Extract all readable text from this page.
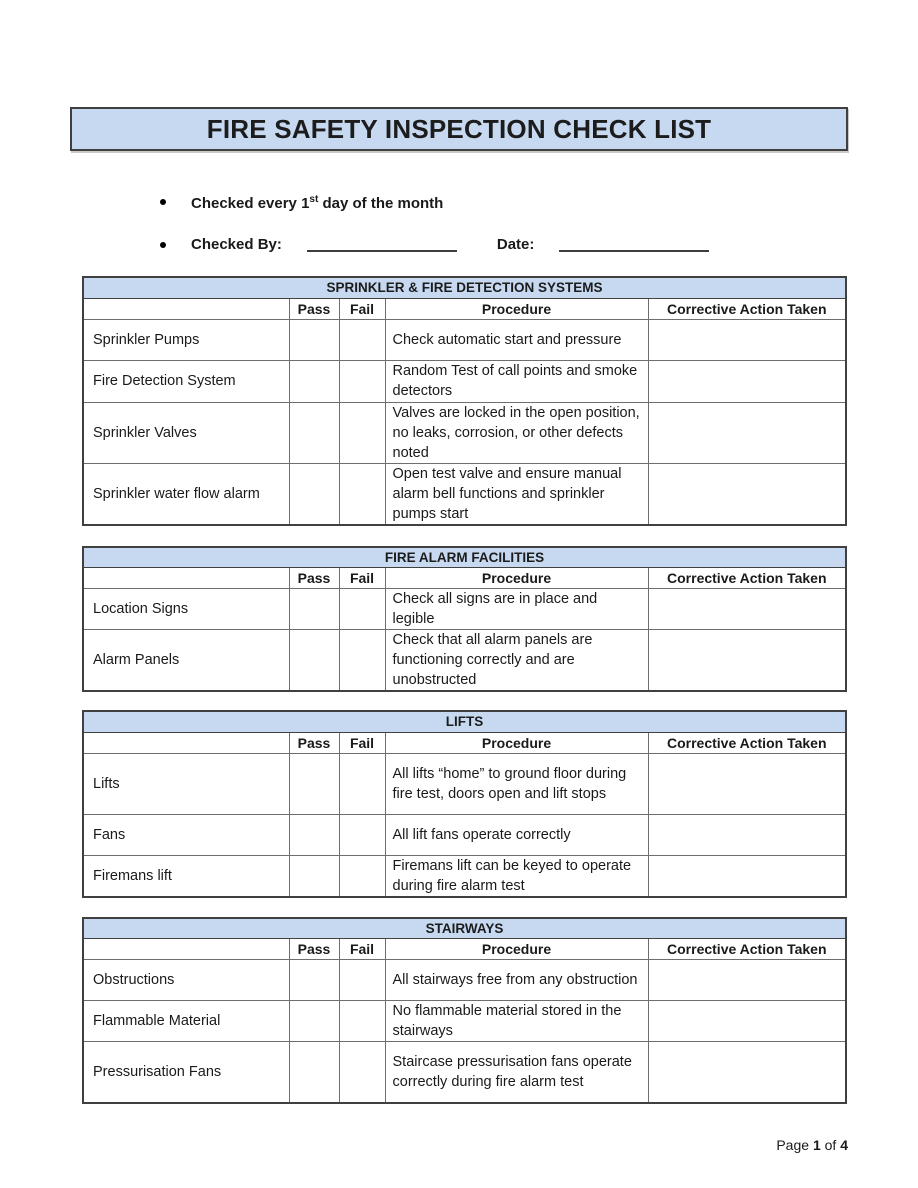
FIRE SAFETY INSPECTION CHECK LIST
Checked every 1st day of the month
Checked By:	Date:
SPRINKLER & FIRE DETECTION SYSTEMS				
	Pass	Fail	Procedure	Corrective Action Taken
Sprinkler Pumps			Check automatic start and pressure	
Fire Detection System			Random Test of call points and smoke detectors	
Sprinkler Valves			Valves are locked in the open position, no leaks, corrosion, or other defects noted	
Sprinkler water flow alarm			Open test valve and ensure manual alarm bell functions and sprinkler pumps start	
FIRE ALARM FACILITIES				
	Pass	Fail	Procedure	Corrective Action Taken
Location Signs			Check all signs are in place and legible	
Alarm Panels			Check that all alarm panels are functioning correctly and are unobstructed	
LIFTS				
	Pass	Fail	Procedure	Corrective Action Taken
Lifts			All lifts “home” to ground floor during fire test, doors open and lift stops	
Fans			All lift fans operate correctly	
Firemans lift			Firemans lift can be keyed to operate during fire alarm test	
STAIRWAYS				
	Pass	Fail	Procedure	Corrective Action Taken
Obstructions			All stairways free from any obstruction	
Flammable Material			No flammable material stored in the stairways	
Pressurisation Fans			Staircase pressurisation fans operate correctly during fire alarm test	
Page 1 of 4
